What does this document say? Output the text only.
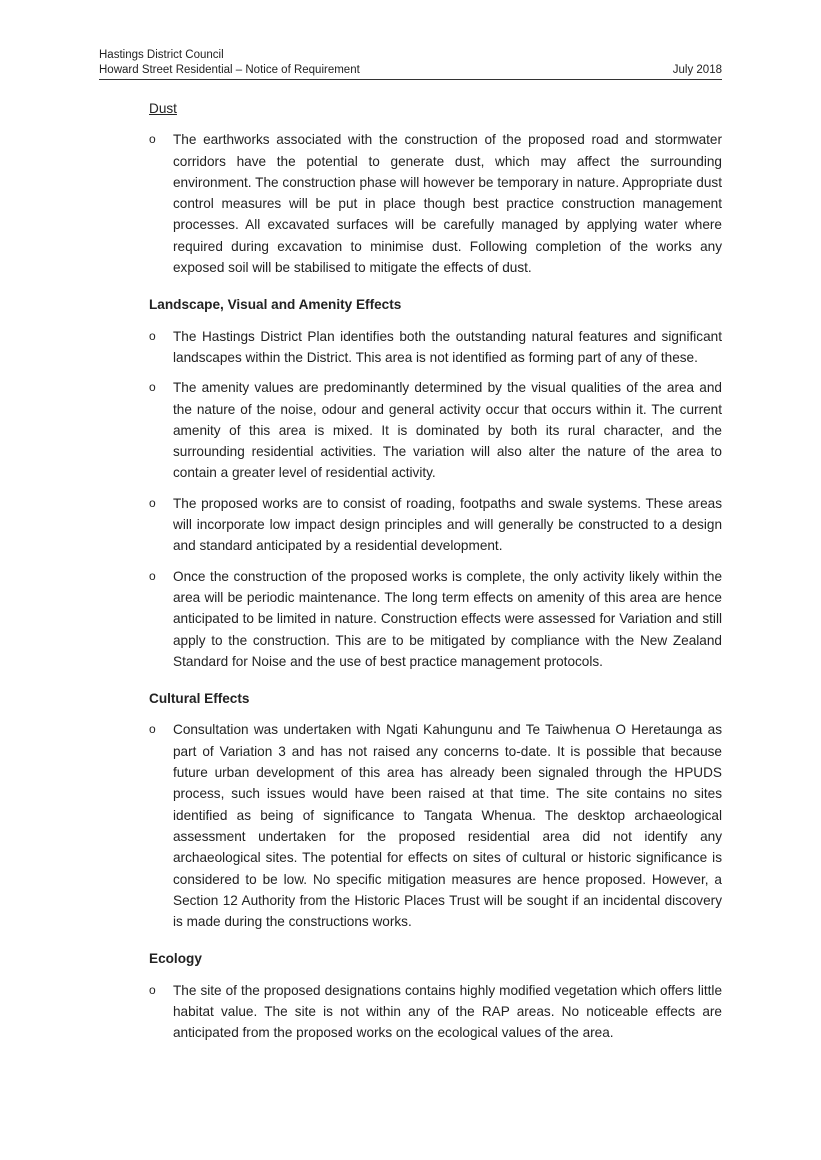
Hastings District Council
Howard Street Residential – Notice of Requirement	July 2018
Dust
o The earthworks associated with the construction of the proposed road and stormwater corridors have the potential to generate dust, which may affect the surrounding environment. The construction phase will however be temporary in nature. Appropriate dust control measures will be put in place though best practice construction management processes. All excavated surfaces will be carefully managed by applying water where required during excavation to minimise dust. Following completion of the works any exposed soil will be stabilised to mitigate the effects of dust.
Landscape, Visual and Amenity Effects
o The Hastings District Plan identifies both the outstanding natural features and significant landscapes within the District. This area is not identified as forming part of any of these.
o The amenity values are predominantly determined by the visual qualities of the area and the nature of the noise, odour and general activity occur that occurs within it. The current amenity of this area is mixed. It is dominated by both its rural character, and the surrounding residential activities. The variation will also alter the nature of the area to contain a greater level of residential activity.
o The proposed works are to consist of roading, footpaths and swale systems. These areas will incorporate low impact design principles and will generally be constructed to a design and standard anticipated by a residential development.
o Once the construction of the proposed works is complete, the only activity likely within the area will be periodic maintenance. The long term effects on amenity of this area are hence anticipated to be limited in nature. Construction effects were assessed for Variation and still apply to the construction. This are to be mitigated by compliance with the New Zealand Standard for Noise and the use of best practice management protocols.
Cultural Effects
o Consultation was undertaken with Ngati Kahungunu and Te Taiwhenua O Heretaunga as part of Variation 3 and has not raised any concerns to-date. It is possible that because future urban development of this area has already been signaled through the HPUDS process, such issues would have been raised at that time. The site contains no sites identified as being of significance to Tangata Whenua. The desktop archaeological assessment undertaken for the proposed residential area did not identify any archaeological sites. The potential for effects on sites of cultural or historic significance is considered to be low. No specific mitigation measures are hence proposed. However, a Section 12 Authority from the Historic Places Trust will be sought if an incidental discovery is made during the constructions works.
Ecology
o The site of the proposed designations contains highly modified vegetation which offers little habitat value. The site is not within any of the RAP areas. No noticeable effects are anticipated from the proposed works on the ecological values of the area.
